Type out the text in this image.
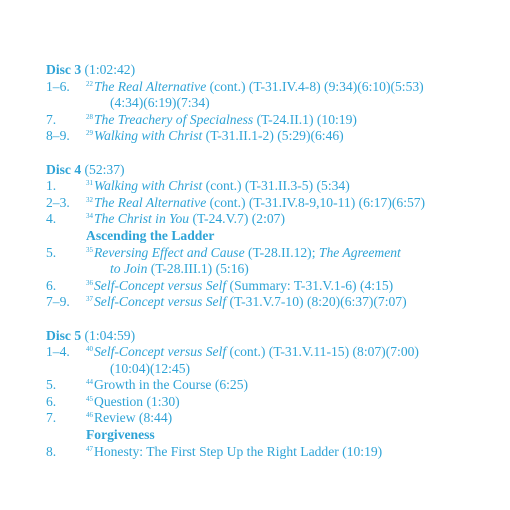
Disc 3 (1:02:42)
1–6.	$^{22}$The Real Alternative (cont.) (T-31.IV.4-8) (9:34)(6:10)(5:53)
(4:34)(6:19)(7:34)
7.	$^{28}$The Treachery of Specialness (T-24.II.1) (10:19)
8–9.	$^{29}$Walking with Christ (T-31.II.1-2) (5:29)(6:46)
Disc 4 (52:37)
1.	$^{31}$Walking with Christ (cont.) (T-31.II.3-5) (5:34)
2–3.	$^{32}$The Real Alternative (cont.) (T-31.IV.8-9,10-11) (6:17)(6:57)
4.	$^{34}$The Christ in You (T-24.V.7) (2:07)
Ascending the Ladder
5.	$^{35}$Reversing Effect and Cause (T-28.II.12); The Agreement
to Join (T-28.III.1) (5:16)
6.	$^{36}$Self-Concept versus Self (Summary: T-31.V.1-6) (4:15)
7–9.	$^{37}$Self-Concept versus Self (T-31.V.7-10) (8:20)(6:37)(7:07)
Disc 5 (1:04:59)
1–4.	$^{40}$Self-Concept versus Self (cont.) (T-31.V.11-15) (8:07)(7:00)
(10:04)(12:45)
5.	$^{44}$Growth in the Course (6:25)
6.	$^{45}$Question (1:30)
7.	$^{46}$Review (8:44)
Forgiveness
8.	$^{47}$Honesty: The First Step Up the Right Ladder (10:19)
